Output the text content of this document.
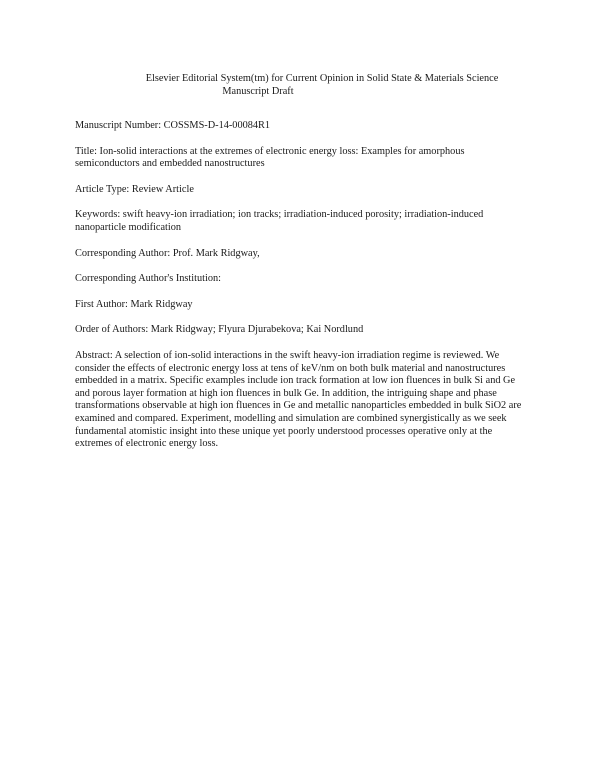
Elsevier Editorial System(tm) for Current Opinion in Solid State & Materials Science
Manuscript Draft

Manuscript Number: COSSMS-D-14-00084R1

Title: Ion-solid interactions at the extremes of electronic energy loss: Examples for amorphous semiconductors and embedded nanostructures

Article Type: Review Article

Keywords: swift heavy-ion irradiation; ion tracks; irradiation-induced porosity; irradiation-induced nanoparticle modification

Corresponding Author: Prof. Mark Ridgway,

Corresponding Author's Institution:

First Author: Mark Ridgway

Order of Authors: Mark Ridgway; Flyura Djurabekova; Kai Nordlund

Abstract: A selection of ion-solid interactions in the swift heavy-ion irradiation regime is reviewed. We consider the effects of electronic energy loss at tens of keV/nm on both bulk material and nanostructures embedded in a matrix. Specific examples include ion track formation at low ion fluences in bulk Si and Ge and porous layer formation at high ion fluences in bulk Ge. In addition, the intriguing shape and phase transformations observable at high ion fluences in Ge and metallic nanoparticles embedded in bulk SiO2 are examined and compared. Experiment, modelling and simulation are combined synergistically as we seek fundamental atomistic insight into these unique yet poorly understood processes operative only at the extremes of electronic energy loss.
